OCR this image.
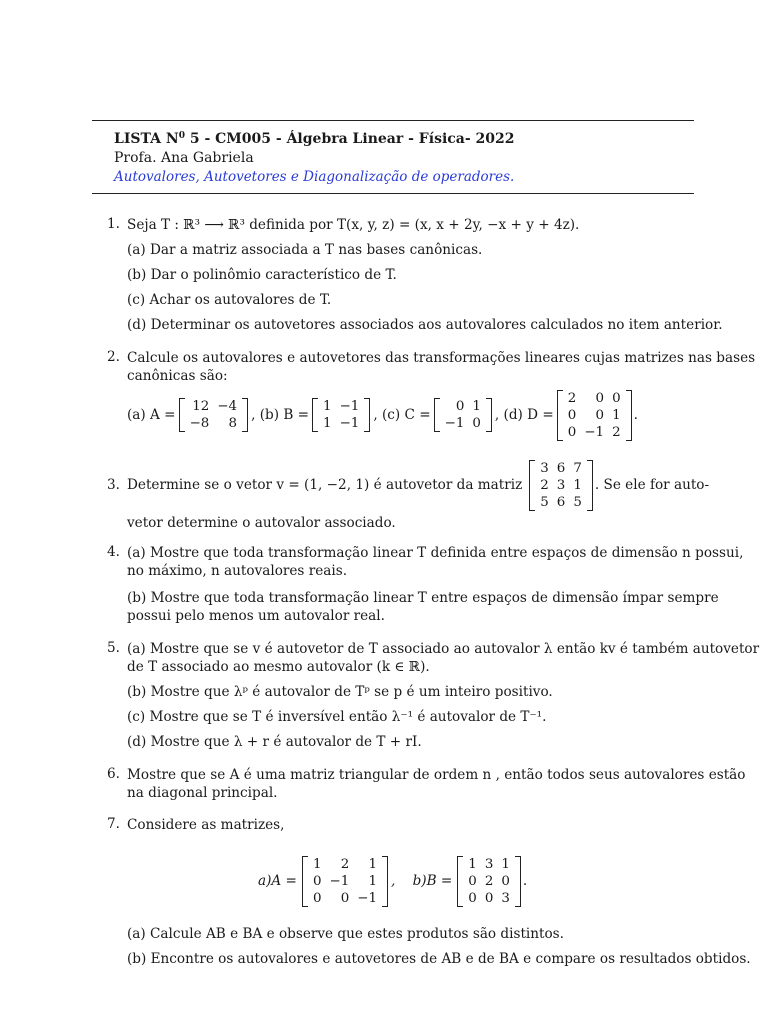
LISTA $N^0$ 5 - CM005 - Álgebra Linear - Física- 2022
Profa. Ana Gabriela
Autovalores, Autovetores e Diagonalização de operadores.
1. Seja T : ℝ³ ⟶ ℝ³ definida por T(x, y, z) = (x, x + 2y, −x + y + 4z).
(a) Dar a matriz associada a T nas bases canônicas.
(b) Dar o polinômio característico de T.
(c) Achar os autovalores de T.
(d) Determinar os autovetores associados aos autovalores calculados no item anterior.
2. Calcule os autovalores e autovetores das transformações lineares cujas matrizes nas bases
canônicas são:
(a) A =
12	−4
−8	8
, (b) B =
1	−1
1	−1
, (c) C =
0	1
−1	0
, (d) D =
2	0	0
0	0	1
0	−1	2
.
3. Determine se o vetor v = (1, −2, 1) é autovetor da matriz
3	6	7
2	3	1
5	6	5
. Se ele for auto-
vetor determine o autovalor associado.
4. (a) Mostre que toda transformação linear T definida entre espaços de dimensão n possui,
no máximo, n autovalores reais.
(b) Mostre que toda transformação linear T entre espaços de dimensão ímpar sempre
possui pelo menos um autovalor real.
5. (a) Mostre que se v é autovetor de T associado ao autovalor λ então kv é também autovetor
de T associado ao mesmo autovalor (k ∈ ℝ).
(b) Mostre que λᵖ é autovalor de Tᵖ se p é um inteiro positivo.
(c) Mostre que se T é inversível então λ⁻¹ é autovalor de T⁻¹.
(d) Mostre que λ + r é autovalor de T + rI.
6. Mostre que se A é uma matriz triangular de ordem n , então todos seus autovalores estão
na diagonal principal.
7. Considere as matrizes,
a)A =
1	2	1
0	−1	1
0	0	−1
,    b)B =
1	3	1
0	2	0
0	0	3
.
(a) Calcule AB e BA e observe que estes produtos são distintos.
(b) Encontre os autovalores e autovetores de AB e de BA e compare os resultados obtidos.
